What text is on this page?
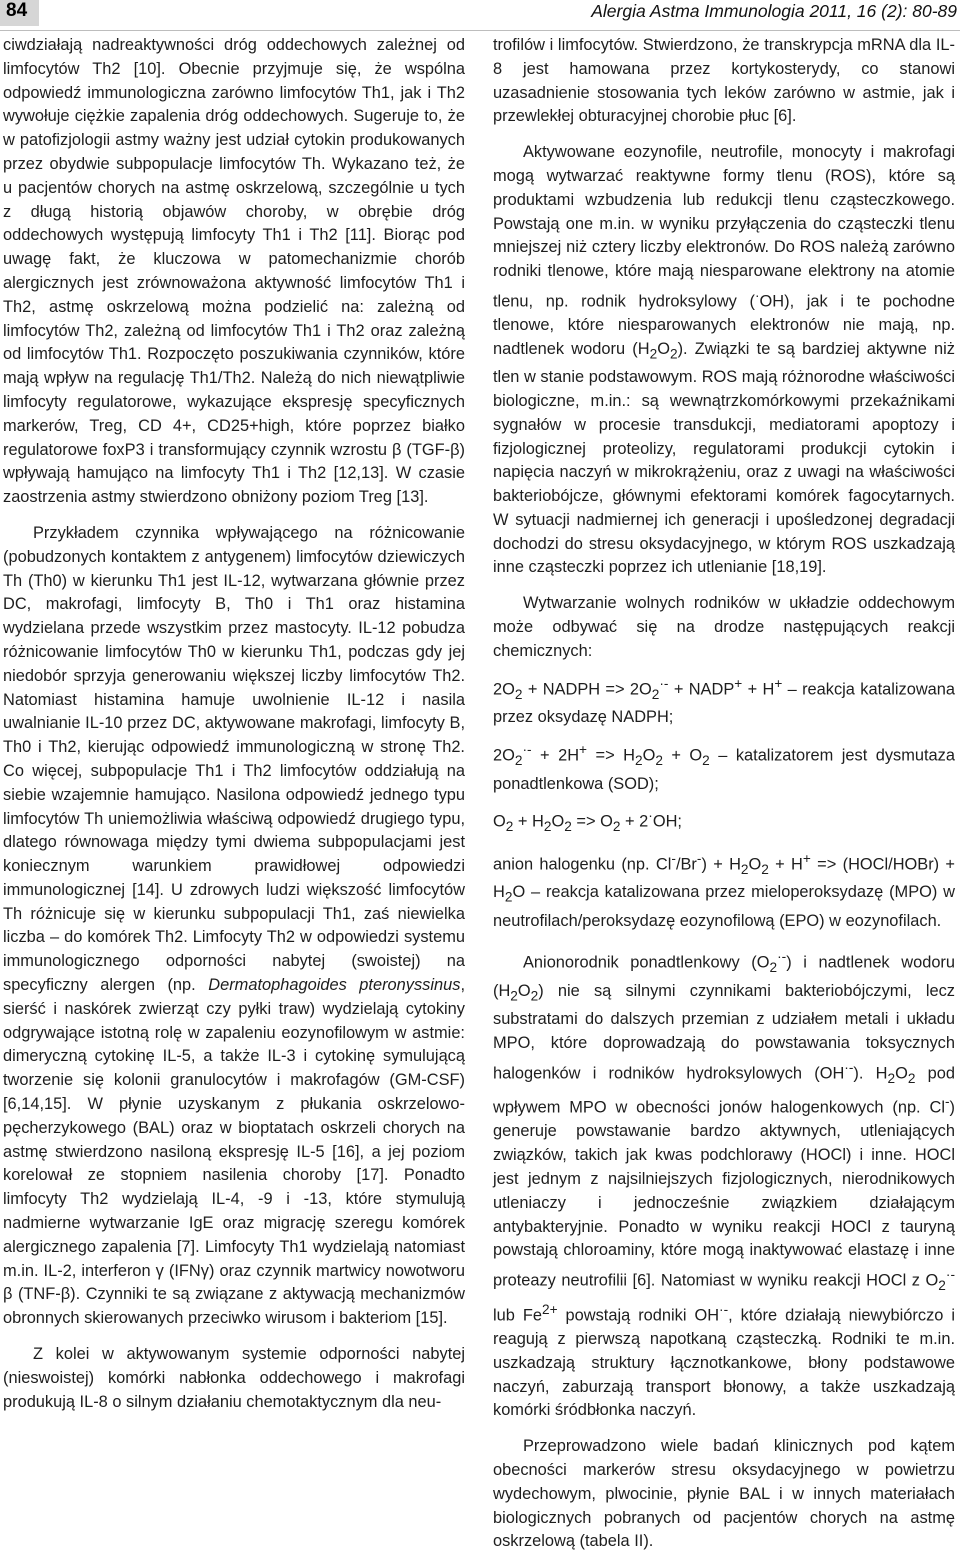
84	Alergia Astma Immunologia 2011, 16 (2): 80-89

ciwdziałają nadreaktywności dróg oddechowych zależnej od limfocytów Th2 [10]. Obecnie przyjmuje się, że wspólna odpowiedź immunologiczna zarówno limfocytów Th1, jak i Th2 wywołuje ciężkie zapalenia dróg oddechowych. Sugeruje to, że w patofizjologii astmy ważny jest udział cytokin produkowanych przez obydwie subpopulacje limfocytów Th. Wykazano też, że u pacjentów chorych na astmę oskrzelową, szczególnie u tych z długą historią objawów choroby, w obrębie dróg oddechowych występują limfocyty Th1 i Th2 [11]. Biorąc pod uwagę fakt, że kluczowa w patomechanizmie chorób alergicznych jest zrównoważona aktywność limfocytów Th1 i Th2, astmę oskrzelową można podzielić na: zależną od limfocytów Th2, zależną od limfocytów Th1 i Th2 oraz zależną od limfocytów Th1. Rozpoczęto poszukiwania czynników, które mają wpływ na regulację Th1/Th2. Należą do nich niewątpliwie limfocyty regulatorowe, wykazujące ekspresję specyficznych markerów, Treg, CD 4+, CD25+high, które poprzez białko regulatorowe foxP3 i transformujący czynnik wzrostu β (TGF-β) wpływają hamująco na limfocyty Th1 i Th2 [12,13]. W czasie zaostrzenia astmy stwierdzono obniżony poziom Treg [13].

Przykładem czynnika wpływającego na różnicowanie (pobudzonych kontaktem z antygenem) limfocytów dziewiczych Th (Th0) w kierunku Th1 jest IL-12, wytwarzana głównie przez DC, makrofagi, limfocyty B, Th0 i Th1 oraz histamina wydzielana przede wszystkim przez mastocyty. IL-12 pobudza różnicowanie limfocytów Th0 w kierunku Th1, podczas gdy jej niedobór sprzyja generowaniu większej liczby limfocytów Th2. Natomiast histamina hamuje uwolnienie IL-12 i nasila uwalnianie IL-10 przez DC, aktywowane makrofagi, limfocyty B, Th0 i Th2, kierując odpowiedź immunologiczną w stronę Th2. Co więcej, subpopulacje Th1 i Th2 limfocytów oddziałują na siebie wzajemnie hamująco. Nasilona odpowiedź jednego typu limfocytów Th uniemożliwia właściwą odpowiedź drugiego typu, dlatego równowaga między tymi dwiema subpopulacjami jest koniecznym warunkiem prawidłowej odpowiedzi immunologicznej [14]. U zdrowych ludzi większość limfocytów Th różnicuje się w kierunku subpopulacji Th1, zaś niewielka liczba – do komórek Th2. Limfocyty Th2 w odpowiedzi systemu immunologicznego odporności nabytej (swoistej) na specyficzny alergen (np. Dermatophagoides pteronyssinus, sierść i naskórek zwierząt czy pyłki traw) wydzielają cytokiny odgrywające istotną rolę w zapaleniu eozynofilowym w astmie: dimeryczną cytokinę IL-5, a także IL-3 i cytokinę symulującą tworzenie się kolonii granulocytów i makrofagów (GM-CSF) [6,14,15]. W płynie uzyskanym z płukania oskrzelowo-pęcherzykowego (BAL) oraz w bioptatach oskrzeli chorych na astmę stwierdzono nasiloną ekspresję IL-5 [16], a jej poziom korelował ze stopniem nasilenia choroby [17]. Ponadto limfocyty Th2 wydzielają IL-4, -9 i -13, które stymulują nadmierne wytwarzanie IgE oraz migrację szeregu komórek alergicznego zapalenia [7]. Limfocyty Th1 wydzielają natomiast m.in. IL-2, interferon γ (IFNγ) oraz czynnik martwicy nowotworu β (TNF-β). Czynniki te są związane z aktywacją mechanizmów obronnych skierowanych przeciwko wirusom i bakteriom [15].

Z kolei w aktywowanym systemie odporności nabytej (nieswoistej) komórki nabłonka oddechowego i makrofagi produkują IL-8 o silnym działaniu chemotaktycznym dla neu-

trofilów i limfocytów. Stwierdzono, że transkrypcja mRNA dla IL-8 jest hamowana przez kortykosterydy, co stanowi uzasadnienie stosowania tych leków zarówno w astmie, jak i przewlekłej obturacyjnej chorobie płuc [6].

Aktywowane eozynofile, neutrofile, monocyty i makrofagi mogą wytwarzać reaktywne formy tlenu (ROS), które są produktami wzbudzenia lub redukcji tlenu cząsteczkowego. Powstają one m.in. w wyniku przyłączenia do cząsteczki tlenu mniejszej niż cztery liczby elektronów. Do ROS należą zarówno rodniki tlenowe, które mają niesparowane elektrony na atomie tlenu, np. rodnik hydroksylowy (·OH), jak i te pochodne tlenowe, które niesparowanych elektronów nie mają, np. nadtlenek wodoru $(H_2O_2)$. Związki te są bardziej aktywne niż tlen w stanie podstawowym. ROS mają różnorodne właściwości biologiczne, m.in.: są wewnątrzkomórkowymi przekaźnikami sygnałów w procesie transdukcji, mediatorami apoptozy i fizjologicznej proteolizy, regulatorami produkcji cytokin i napięcia naczyń w mikrokrążeniu, oraz z uwagi na właściwości bakteriobójcze, głównymi efektorami komórek fagocytarnych. W sytuacji nadmiernej ich generacji i upośledzonej degradacji dochodzi do stresu oksydacyjnego, w którym ROS uszkadzają inne cząsteczki poprzez ich utlenianie [18,19].

Wytwarzanie wolnych rodników w układzie oddechowym może odbywać się na drodze następujących reakcji chemicznych:

$2O_2$ + NADPH => $2O_2^{\cdot-}$ + NADP+ + H+ – reakcja katalizowana przez oksydazę NADPH;

$2O_2^{\cdot-} + 2H^+ => H_2O_2 + O_2$ – katalizatorem jest dysmutaza ponadtlenkowa (SOD);

$O_2 + H_2O_2 => O_2 + 2^\cdot OH$;

anion halogenku (np. $Cl^-/Br^-) + H_2O_2 + H^+$ => (HOCl/HOBr) + $H_2O$ – reakcja katalizowana przez mieloperoksydazę (MPO) w neutrofilach/peroksydazę eozynofilową (EPO) w eozynofilach.

Anionorodnik ponadtlenkowy $(O_2^{\cdot-})$ i nadtlenek wodoru $(H_2O_2)$ nie są silnymi czynnikami bakteriobójczymi, lecz substratami do dalszych przemian z udziałem metali i układu MPO, które doprowadzają do powstawania toksycznych halogenków i rodników hydroksylowych (OH·-). $H_2O_2$ pod wpływem MPO w obecności jonów halogenkowych (np. Cl-) generuje powstawanie bardzo aktywnych, utleniających związków, takich jak kwas podchlorawy (HOCl) i inne. HOCl jest jednym z najsilniejszych fizjologicznych, nierodnikowych utleniaczy i jednocześnie związkiem działającym antybakteryjnie. Ponadto w wyniku reakcji HOCl z tauryną powstają chloroaminy, które mogą inaktywować elastazę i inne proteazy neutrofilii [6]. Natomiast w wyniku reakcji HOCl z $O_2^{\cdot-}$ lub $Fe^{2+}$ powstają rodniki OH·-, które działają niewybiórczo i reagują z pierwszą napotkaną cząsteczką. Rodniki te m.in. uszkadzają struktury łącznotkankowe, błony podstawowe naczyń, zaburzają transport błonowy, a także uszkadzają komórki śródbłonka naczyń.

Przeprowadzono wiele badań klinicznych pod kątem obecności markerów stresu oksydacyjnego w powietrzu wydechowym, plwocinie, płynie BAL i w innych materiałach biologicznych pobranych od pacjentów chorych na astmę oskrzelową (tabela II).
